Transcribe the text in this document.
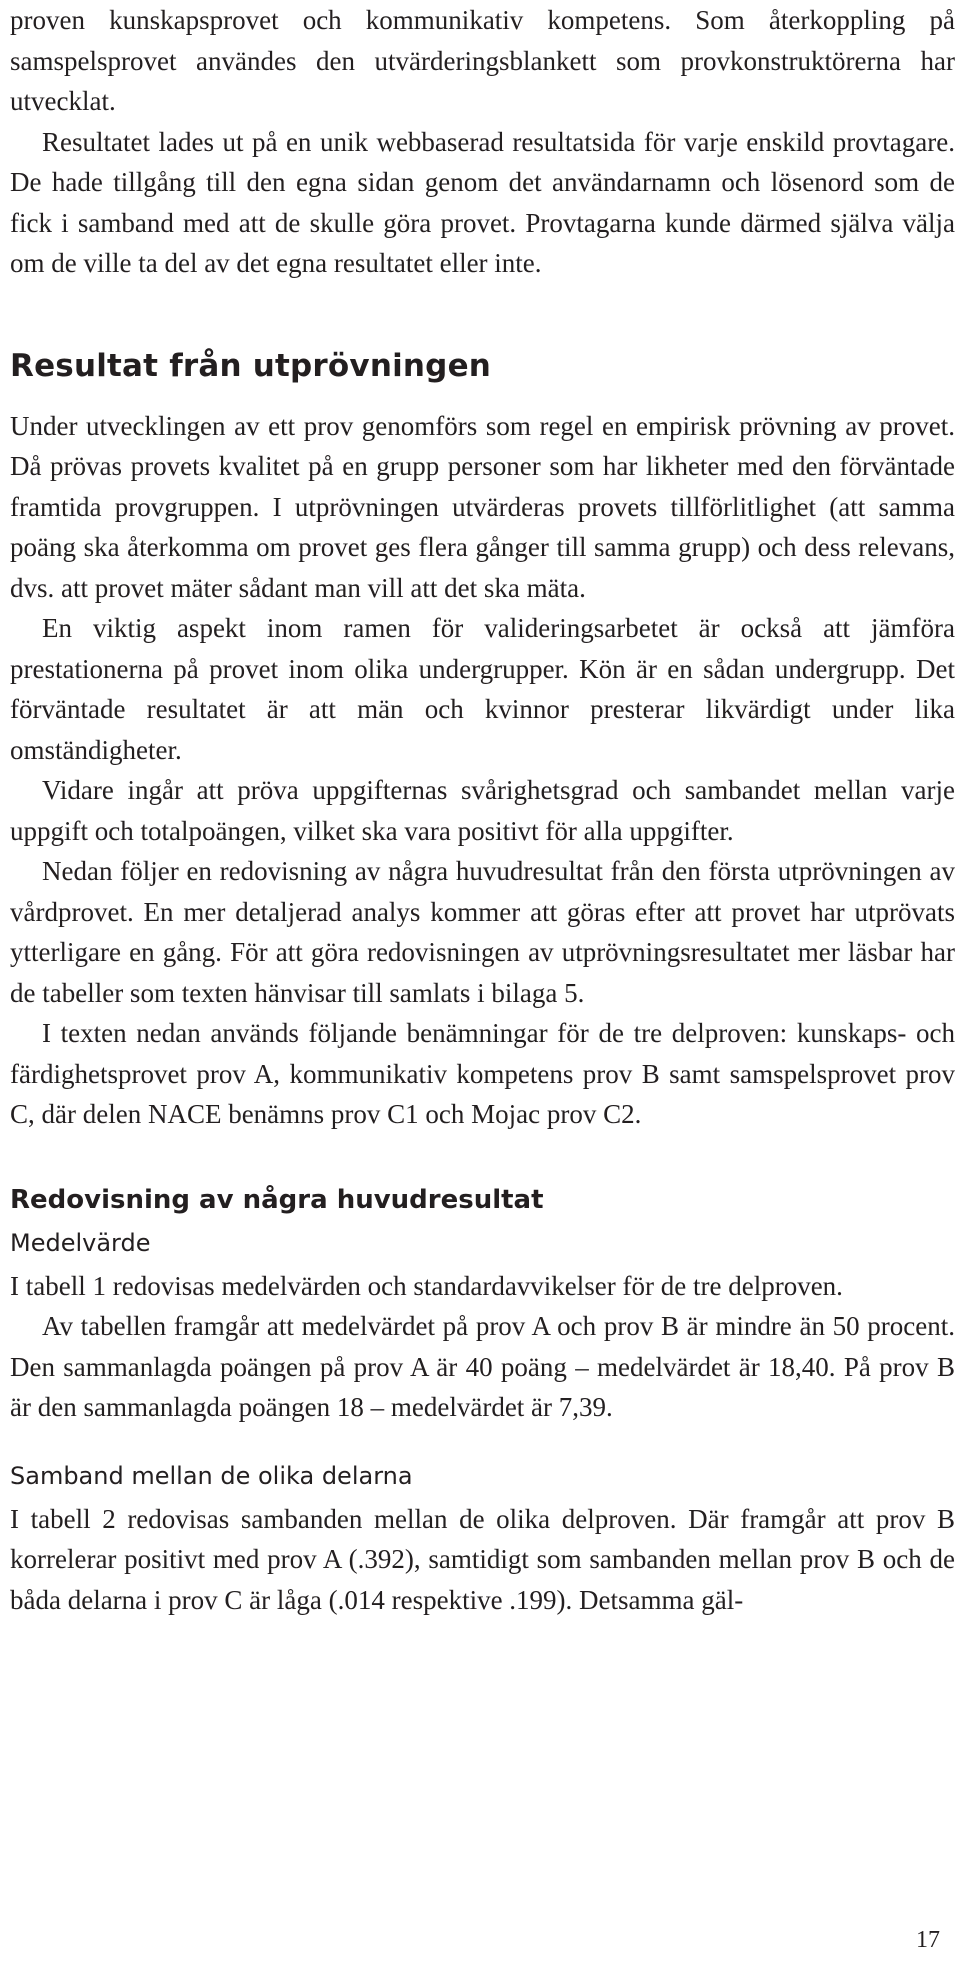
proven kunskapsprovet och kommunikativ kompetens. Som återkoppling på samspelsprovet användes den utvärderingsblankett som provkonstruktörerna har utvecklat.

Resultatet lades ut på en unik webbaserad resultatsida för varje enskild provtagare. De hade tillgång till den egna sidan genom det användarnamn och lösenord som de fick i samband med att de skulle göra provet. Provtagarna kunde därmed själva välja om de ville ta del av det egna resultatet eller inte.

Resultat från utprövningen

Under utvecklingen av ett prov genomförs som regel en empirisk prövning av provet. Då prövas provets kvalitet på en grupp personer som har likheter med den förväntade framtida provgruppen. I utprövningen utvärderas provets tillförlitlighet (att samma poäng ska återkomma om provet ges flera gånger till samma grupp) och dess relevans, dvs. att provet mäter sådant man vill att det ska mäta.

En viktig aspekt inom ramen för valideringsarbetet är också att jämföra prestationerna på provet inom olika undergrupper. Kön är en sådan undergrupp. Det förväntade resultatet är att män och kvinnor presterar likvärdigt under lika omständigheter.

Vidare ingår att pröva uppgifternas svårighetsgrad och sambandet mellan varje uppgift och totalpoängen, vilket ska vara positivt för alla uppgifter.

Nedan följer en redovisning av några huvudresultat från den första utprövningen av vårdprovet. En mer detaljerad analys kommer att göras efter att provet har utprövats ytterligare en gång. För att göra redovisningen av utprövningsresultatet mer läsbar har de tabeller som texten hänvisar till samlats i bilaga 5.

I texten nedan används följande benämningar för de tre delproven: kunskaps- och färdighetsprovet prov A, kommunikativ kompetens prov B samt samspelsprovet prov C, där delen NACE benämns prov C1 och Mojac prov C2.

Redovisning av några huvudresultat
Medelvärde

I tabell 1 redovisas medelvärden och standardavvikelser för de tre delproven.

Av tabellen framgår att medelvärdet på prov A och prov B är mindre än 50 procent. Den sammanlagda poängen på prov A är 40 poäng – medelvärdet är 18,40. På prov B är den sammanlagda poängen 18 – medelvärdet är 7,39.

Samband mellan de olika delarna

I tabell 2 redovisas sambanden mellan de olika delproven. Där framgår att prov B korrelerar positivt med prov A (.392), samtidigt som sambanden mellan prov B och de båda delarna i prov C är låga (.014 respektive .199). Detsamma gäl-

17
